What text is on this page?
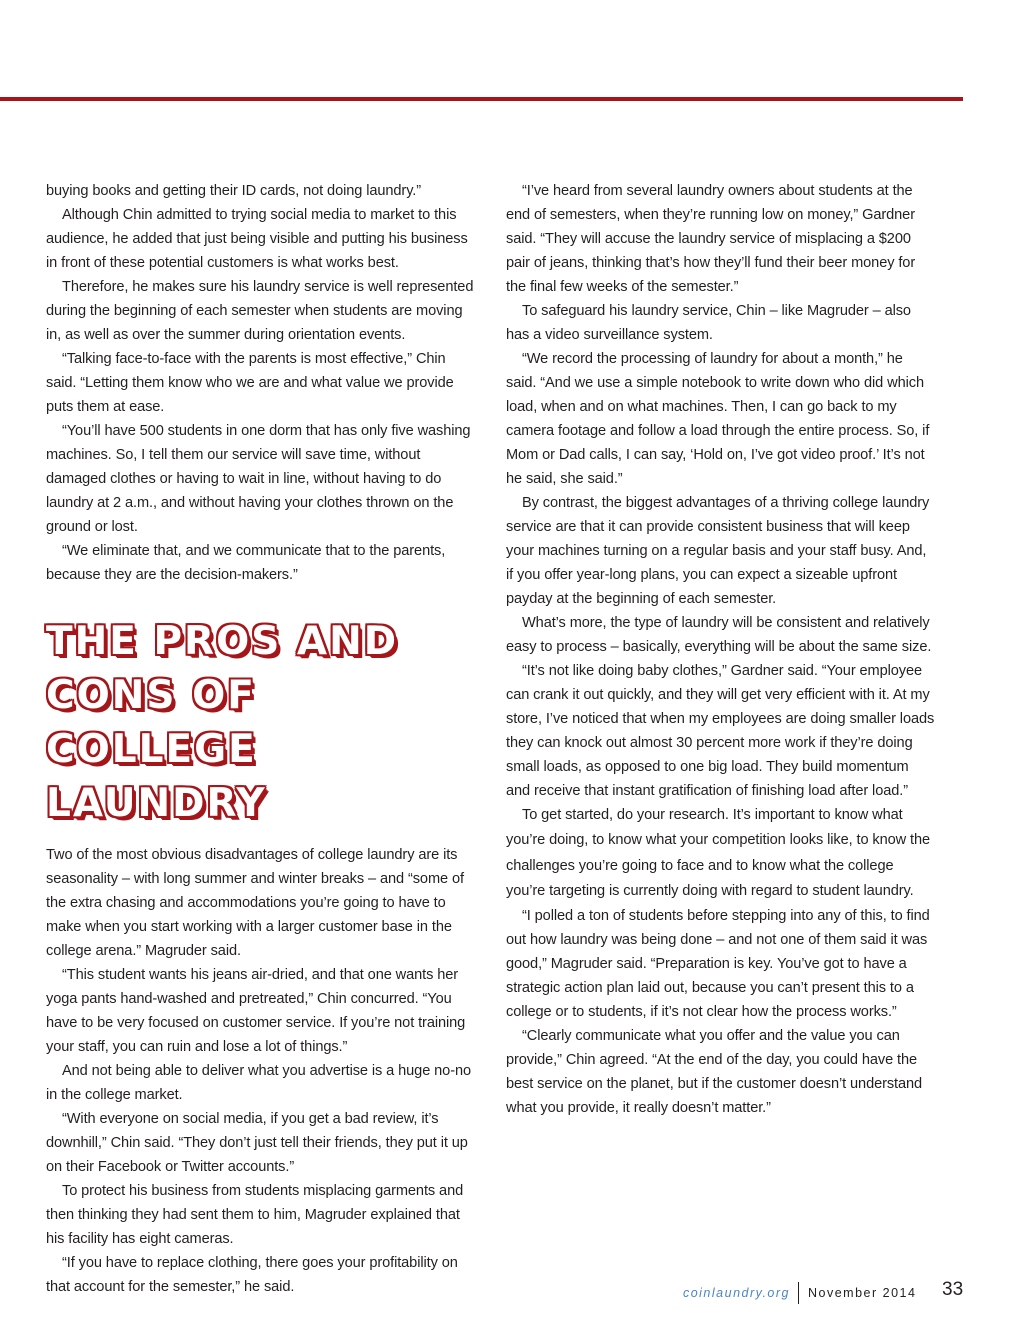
buying books and getting their ID cards, not doing laundry.”

Although Chin admitted to trying social media to market to this audience, he added that just being visible and putting his business in front of these potential customers is what works best.

Therefore, he makes sure his laundry service is well represented during the beginning of each semester when students are moving in, as well as over the summer during orientation events.

“Talking face-to-face with the parents is most effective,” Chin said. “Letting them know who we are and what value we provide puts them at ease.

“You’ll have 500 students in one dorm that has only five washing machines. So, I tell them our service will save time, without damaged clothes or having to wait in line, without having to do laundry at 2 a.m., and without having your clothes thrown on the ground or lost.

“We eliminate that, and we communicate that to the parents, because they are the decision-makers.”

THE PROS AND CONS OF COLLEGE LAUNDRY

Two of the most obvious disadvantages of college laundry are its seasonality – with long summer and winter breaks – and “some of the extra chasing and accommodations you’re going to have to make when you start working with a larger customer base in the college arena.” Magruder said.

“This student wants his jeans air-dried, and that one wants her yoga pants hand-washed and pretreated,” Chin concurred. “You have to be very focused on customer service. If you’re not training your staff, you can ruin and lose a lot of things.”

And not being able to deliver what you advertise is a huge no-no in the college market.

“With everyone on social media, if you get a bad review, it’s downhill,” Chin said. “They don’t just tell their friends, they put it up on their Facebook or Twitter accounts.”

To protect his business from students misplacing garments and then thinking they had sent them to him, Magruder explained that his facility has eight cameras.

“If you have to replace clothing, there goes your profitability on that account for the semester,” he said.

“I’ve heard from several laundry owners about students at the end of semesters, when they’re running low on money,” Gardner said. “They will accuse the laundry service of misplacing a $200 pair of jeans, thinking that’s how they’ll fund their beer money for the final few weeks of the semester.”

To safeguard his laundry service, Chin – like Magruder – also has a video surveillance system.

“We record the processing of laundry for about a month,” he said. “And we use a simple notebook to write down who did which load, when and on what machines. Then, I can go back to my camera footage and follow a load through the entire process. So, if Mom or Dad calls, I can say, ‘Hold on, I’ve got video proof.’ It’s not he said, she said.”

By contrast, the biggest advantages of a thriving college laundry service are that it can provide consistent business that will keep your machines turning on a regular basis and your staff busy. And, if you offer year-long plans, you can expect a sizeable upfront payday at the beginning of each semester.

What’s more, the type of laundry will be consistent and relatively easy to process – basically, everything will be about the same size.

“It’s not like doing baby clothes,” Gardner said. “Your employee can crank it out quickly, and they will get very efficient with it. At my store, I’ve noticed that when my employees are doing smaller loads they can knock out almost 30 percent more work if they’re doing small loads, as opposed to one big load. They build momentum and receive that instant gratification of finishing load after load.”

To get started, do your research. It’s important to know what you’re doing, to know what your competition looks like, to know the challenges you’re going to face and to know what the college you’re targeting is currently doing with regard to student laundry.

“I polled a ton of students before stepping into any of this, to find out how laundry was being done – and not one of them said it was good,” Magruder said. “Preparation is key. You’ve got to have a strategic action plan laid out, because you can’t present this to a college or to students, if it’s not clear how the process works.”

“Clearly communicate what you offer and the value you can provide,” Chin agreed. “At the end of the day, you could have the best service on the planet, but if the customer doesn’t understand what you provide, it really doesn’t matter.”

coinlaundry.org November 2014 33
